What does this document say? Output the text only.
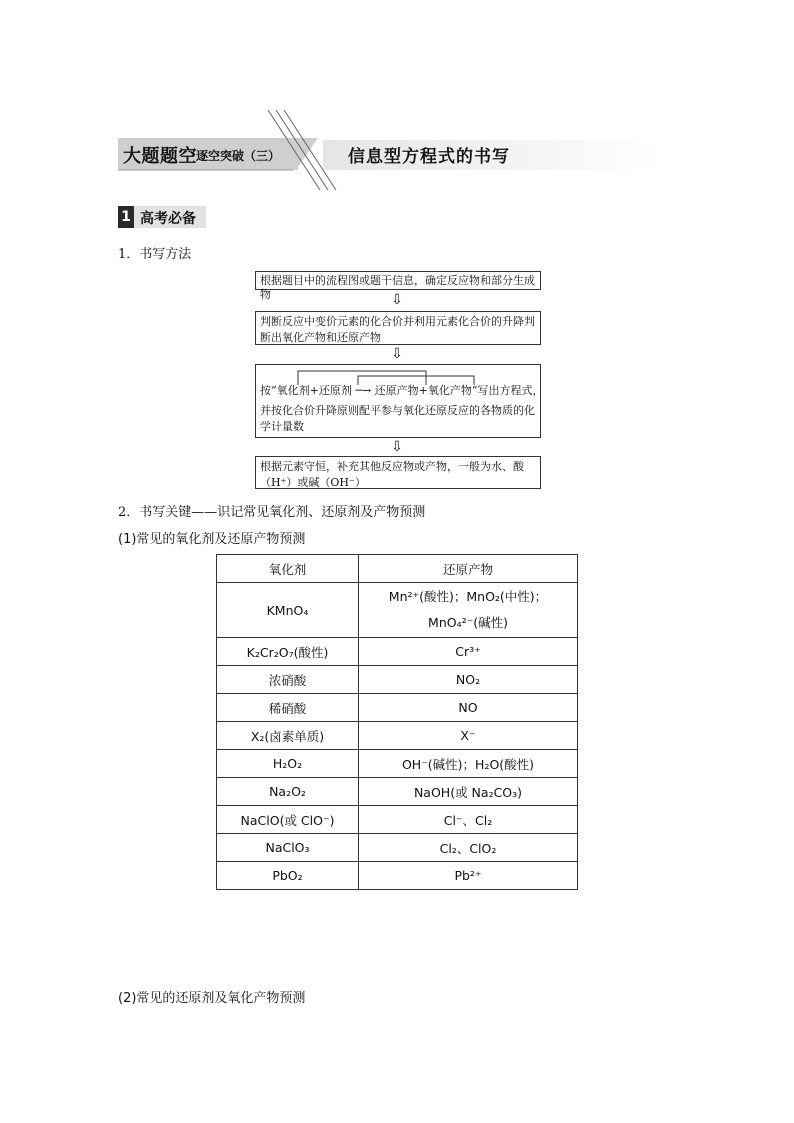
大题题空 逐空突破（三）	信息型方程式的书写
1 高考必备
1．书写方法
根据题目中的流程图或题干信息，确定反应物和部分生成物	⇩
判断反应中变价元素的化合价并利用元素化合价的升降判断出氧化产物和还原产物
⇩
按“氧化剂+还原剂 ─→ 还原产物+氧化产物”写出方程式，
并按化合价升降原则配平参与氧化还原反应的各物质的化学计量数
⇩
根据元素守恒，补充其他反应物或产物，一般为水、酸（H⁺）或碱（OH⁻）
2．书写关键——识记常见氧化剂、还原剂及产物预测
(1)常见的氧化剂及还原产物预测
氧化剂	还原产物
KMnO₄	Mn²⁺(酸性)；MnO₂(中性)；
MnO₄²⁻(碱性)

K₂Cr₂O₇(酸性)	Cr³⁺
浓硝酸	NO₂
稀硝酸	NO
X₂(卤素单质)	X⁻
H₂O₂	OH⁻(碱性)；H₂O(酸性)
Na₂O₂	NaOH(或 Na₂CO₃)
NaClO(或 ClO⁻)	Cl⁻、Cl₂
NaClO₃	Cl₂、ClO₂
PbO₂	Pb²⁺
(2)常见的还原剂及氧化产物预测
